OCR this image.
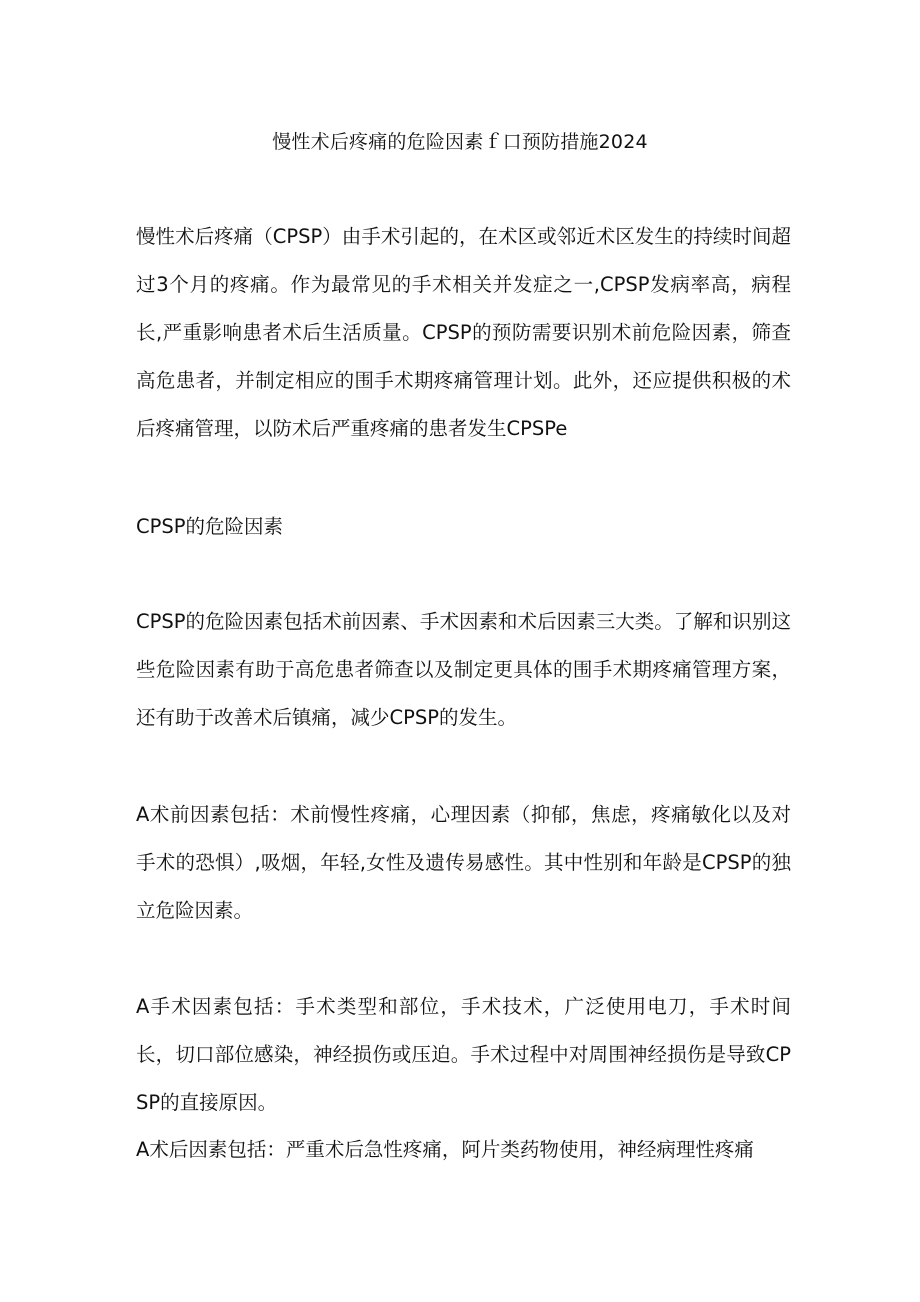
慢性术后疼痛的危险因素ｆ口预防措施2024
慢性术后疼痛（CPSP）由手术引起的，在术区或邻近术区发生的持续时间超过3个月的疼痛。作为最常见的手术相关并发症之一,CPSP发病率高，病程长,严重影响患者术后生活质量。CPSP的预防需要识别术前危险因素，筛查高危患者，并制定相应的围手术期疼痛管理计划。此外，还应提供积极的术后疼痛管理，以防术后严重疼痛的患者发生CPSPe
CPSP的危险因素
CPSP的危险因素包括术前因素、手术因素和术后因素三大类。了解和识别这些危险因素有助于高危患者筛查以及制定更具体的围手术期疼痛管理方案，还有助于改善术后镇痛，减少CPSP的发生。
A术前因素包括：术前慢性疼痛，心理因素（抑郁，焦虑，疼痛敏化以及对手术的恐惧）,吸烟，年轻,女性及遗传易感性。其中性别和年龄是CPSP的独立危险因素。
A手术因素包括：手术类型和部位，手术技术，广泛使用电刀，手术时间长，切口部位感染，神经损伤或压迫。手术过程中对周围神经损伤是导致CPSP的直接原因。
A术后因素包括：严重术后急性疼痛，阿片类药物使用，神经病理性疼痛
